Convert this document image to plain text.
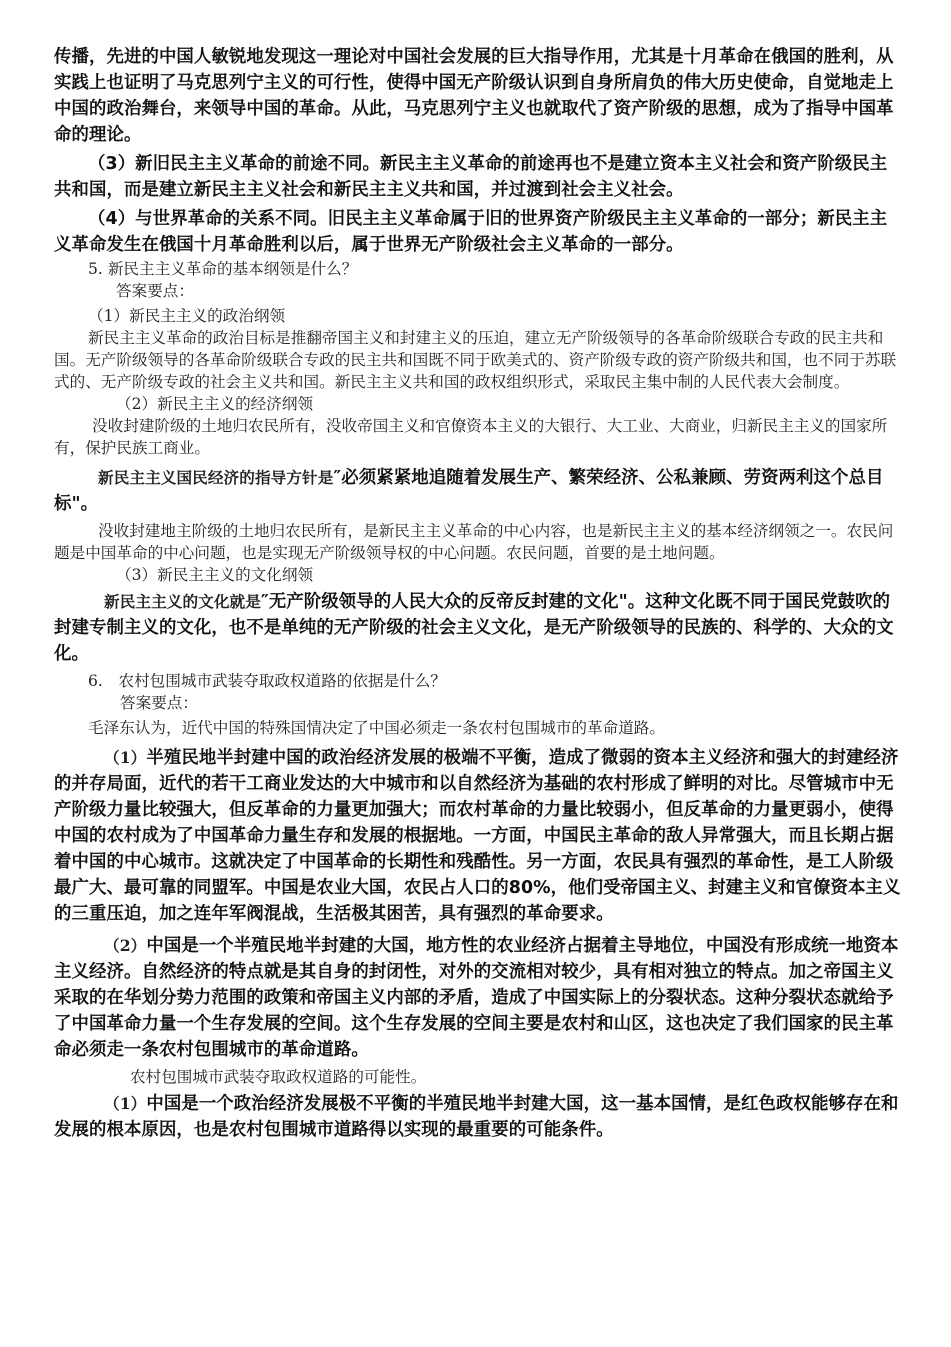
传播，先进的中国人敏锐地发现这一理论对中国社会发展的巨大指导作用，尤其是十月革命在俄国的胜利，从实践上也证明了马克思列宁主义的可行性，使得中国无产阶级认识到自身所肩负的伟大历史使命，自觉地走上中国的政治舞台，来领导中国的革命。从此，马克思列宁主义也就取代了资产阶级的思想，成为了指导中国革命的理论。

（3）新旧民主主义革命的前途不同。新民主主义革命的前途再也不是建立资本主义社会和资产阶级民主共和国，而是建立新民主主义社会和新民主主义共和国，并过渡到社会主义社会。

（4）与世界革命的关系不同。旧民主主义革命属于旧的世界资产阶级民主主义革命的一部分；新民主主义革命发生在俄国十月革命胜利以后，属于世界无产阶级社会主义革命的一部分。

5. 新民主主义革命的基本纲领是什么？

答案要点：

（1）新民主主义的政治纲领

新民主主义革命的政治目标是推翻帝国主义和封建主义的压迫，建立无产阶级领导的各革命阶级联合专政的民主共和国。无产阶级领导的各革命阶级联合专政的民主共和国既不同于欧美式的、资产阶级专政的资产阶级共和国，也不同于苏联式的、无产阶级专政的社会主义共和国。新民主主义共和国的政权组织形式，采取民主集中制的人民代表大会制度。

（2）新民主主义的经济纲领

没收封建阶级的土地归农民所有，没收帝国主义和官僚资本主义的大银行、大工业、大商业，归新民主主义的国家所有，保护民族工商业。

新民主主义国民经济的指导方针是″必须紧紧地追随着发展生产、繁荣经济、公私兼顾、劳资两利这个总目标"。

没收封建地主阶级的土地归农民所有，是新民主主义革命的中心内容，也是新民主主义的基本经济纲领之一。农民问题是中国革命的中心问题，也是实现无产阶级领导权的中心问题。农民问题，首要的是土地问题。

（3）新民主主义的文化纲领

新民主主义的文化就是″无产阶级领导的人民大众的反帝反封建的文化"。这种文化既不同于国民党鼓吹的封建专制主义的文化，也不是单纯的无产阶级的社会主义文化，是无产阶级领导的民族的、科学的、大众的文化。

6.　农村包围城市武装夺取政权道路的依据是什么？

答案要点：

毛泽东认为，近代中国的特殊国情决定了中国必须走一条农村包围城市的革命道路。

（1）半殖民地半封建中国的政治经济发展的极端不平衡，造成了微弱的资本主义经济和强大的封建经济的并存局面，近代的若干工商业发达的大中城市和以自然经济为基础的农村形成了鲜明的对比。尽管城市中无产阶级力量比较强大，但反革命的力量更加强大；而农村革命的力量比较弱小，但反革命的力量更弱小，使得中国的农村成为了中国革命力量生存和发展的根据地。一方面，中国民主革命的敌人异常强大，而且长期占据着中国的中心城市。这就决定了中国革命的长期性和残酷性。另一方面，农民具有强烈的革命性，是工人阶级最广大、最可靠的同盟军。中国是农业大国，农民占人口的80%，他们受帝国主义、封建主义和官僚资本主义的三重压迫，加之连年军阀混战，生活极其困苦，具有强烈的革命要求。

（2）中国是一个半殖民地半封建的大国，地方性的农业经济占据着主导地位，中国没有形成统一地资本主义经济。自然经济的特点就是其自身的封闭性，对外的交流相对较少，具有相对独立的特点。加之帝国主义采取的在华划分势力范围的政策和帝国主义内部的矛盾，造成了中国实际上的分裂状态。这种分裂状态就给予了中国革命力量一个生存发展的空间。这个生存发展的空间主要是农村和山区，这也决定了我们国家的民主革命必须走一条农村包围城市的革命道路。

农村包围城市武装夺取政权道路的可能性。

（1）中国是一个政治经济发展极不平衡的半殖民地半封建大国，这一基本国情，是红色政权能够存在和发展的根本原因，也是农村包围城市道路得以实现的最重要的可能条件。
